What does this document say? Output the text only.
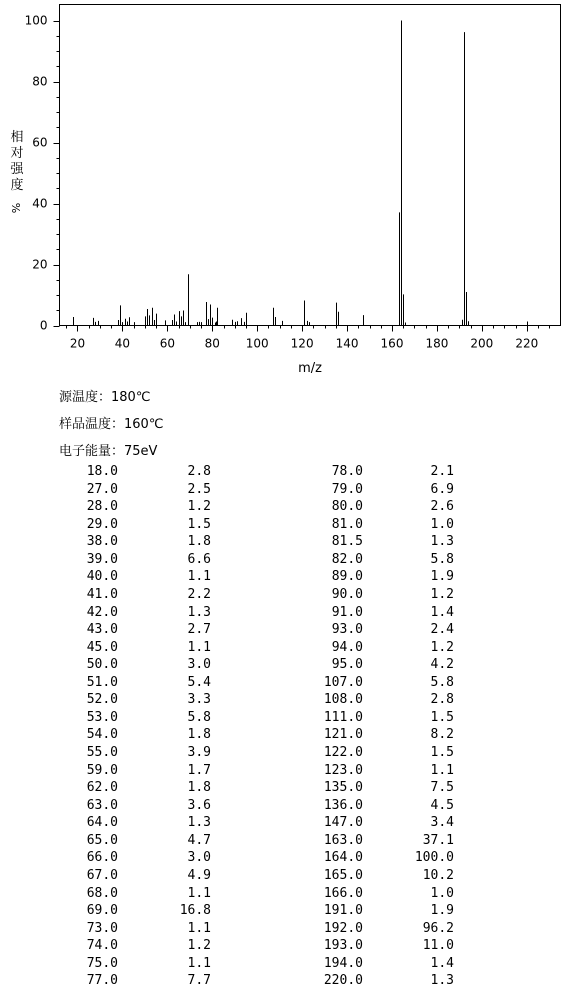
20 40 60 80 100 120 140 160 180 200 220
0
20
40
60
80
100
m/z
相
对
强
度
%
源温度：180℃
样品温度：160℃
电子能量：75eV
18.0	2.8	78.0	2.1
27.0	2.5	79.0	6.9
28.0	1.2	80.0	2.6
29.0	1.5	81.0	1.0
38.0	1.8	81.5	1.3
39.0	6.6	82.0	5.8
40.0	1.1	89.0	1.9
41.0	2.2	90.0	1.2
42.0	1.3	91.0	1.4
43.0	2.7	93.0	2.4
45.0	1.1	94.0	1.2
50.0	3.0	95.0	4.2
51.0	5.4	107.0	5.8
52.0	3.3	108.0	2.8
53.0	5.8	111.0	1.5
54.0	1.8	121.0	8.2
55.0	3.9	122.0	1.5
59.0	1.7	123.0	1.1
62.0	1.8	135.0	7.5
63.0	3.6	136.0	4.5
64.0	1.3	147.0	3.4
65.0	4.7	163.0	37.1
66.0	3.0	164.0	100.0
67.0	4.9	165.0	10.2
68.0	1.1	166.0	1.0
69.0	16.8	191.0	1.9
73.0	1.1	192.0	96.2
74.0	1.2	193.0	11.0
75.0	1.1	194.0	1.4
77.0	7.7	220.0	1.3
